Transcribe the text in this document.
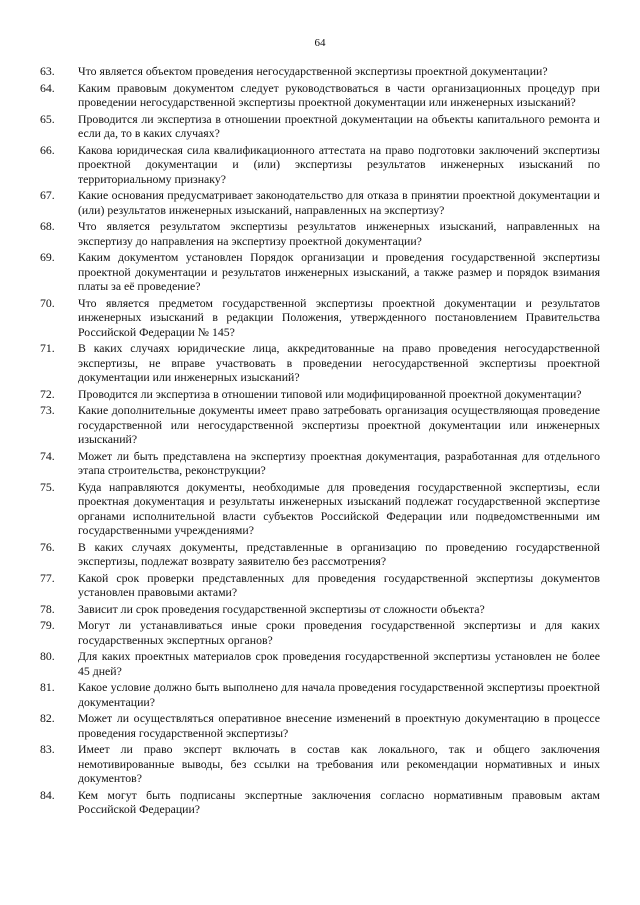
64
63.	Что является объектом проведения негосударственной экспертизы проектной документации?
64.	Каким правовым документом следует руководствоваться в части организационных процедур при проведении негосударственной экспертизы проектной документации или инженерных изысканий?
65.	Проводится ли экспертиза в отношении проектной документации на объекты капитального ремонта и если да, то в каких случаях?
66.	Какова юридическая сила квалификационного аттестата на право подготовки заключений экспертизы проектной документации и (или) экспертизы результатов инженерных изысканий по территориальному признаку?
67.	Какие основания предусматривает законодательство для отказа в принятии проектной документации и (или) результатов инженерных изысканий, направленных на экспертизу?
68.	Что является результатом экспертизы результатов инженерных изысканий, направленных на экспертизу до направления на экспертизу проектной документации?
69.	Каким документом установлен Порядок организации и проведения государственной экспертизы проектной документации и результатов инженерных изысканий, а также размер и порядок взимания платы за её проведение?
70.	Что является предметом государственной экспертизы проектной документации и результатов инженерных изысканий в редакции Положения, утвержденного постановлением Правительства Российской Федерации № 145?
71.	В каких случаях юридические лица, аккредитованные на право проведения негосударственной экспертизы, не вправе участвовать в проведении негосударственной экспертизы проектной документации или инженерных изысканий?
72.	Проводится ли экспертиза в отношении типовой или модифицированной проектной документации?
73.	Какие дополнительные документы имеет право затребовать организация осуществляющая проведение государственной или негосударственной экспертизы проектной документации или инженерных изысканий?
74.	Может ли быть представлена на экспертизу проектная документация, разработанная для отдельного этапа строительства, реконструкции?
75.	Куда направляются документы, необходимые для проведения государственной экспертизы, если проектная документация и результаты инженерных изысканий подлежат государственной экспертизе органами исполнительной власти субъектов Российской Федерации или подведомственными им государственными учреждениями?
76.	В каких случаях документы, представленные в организацию по проведению государственной экспертизы, подлежат возврату заявителю без рассмотрения?
77.	Какой срок проверки представленных для проведения государственной экспертизы документов установлен правовыми актами?
78.	Зависит ли срок проведения государственной экспертизы от сложности объекта?
79.	Могут ли устанавливаться иные сроки проведения государственной экспертизы и для каких государственных экспертных органов?
80.	Для каких проектных материалов срок проведения государственной экспертизы установлен не более 45 дней?
81.	Какое условие должно быть выполнено для начала проведения государственной экспертизы проектной документации?
82.	Может ли осуществляться оперативное внесение изменений в проектную документацию в процессе проведения государственной экспертизы?
83.	Имеет ли право эксперт включать в состав как локального, так и общего заключения немотивированные выводы, без ссылки на требования или рекомендации нормативных и иных документов?
84.	Кем могут быть подписаны экспертные заключения согласно нормативным правовым актам Российской Федерации?
